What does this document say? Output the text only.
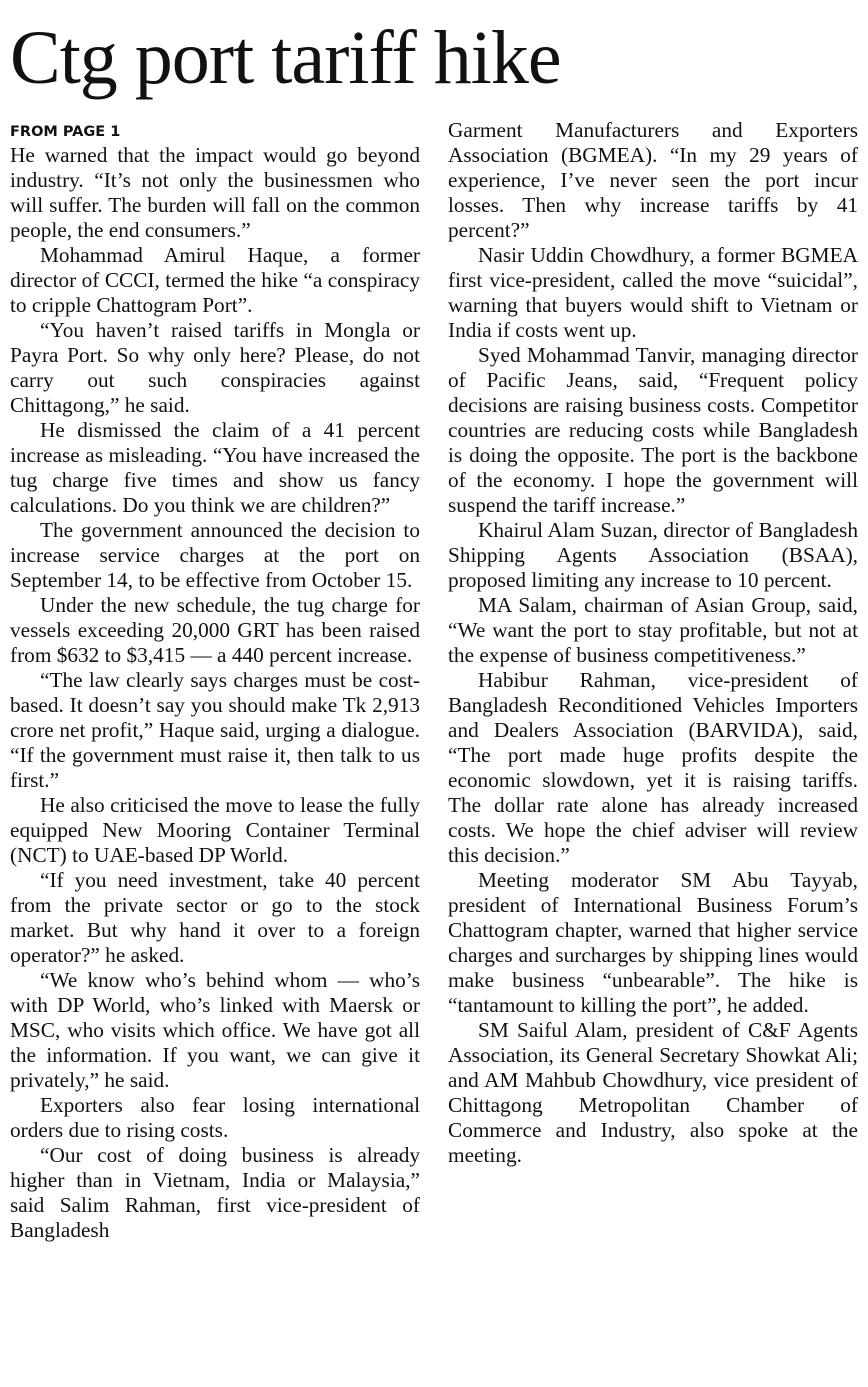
Ctg port tariff hike
FROM PAGE 1

He warned that the impact would go beyond industry. “It’s not only the businessmen who will suffer. The burden will fall on the common people, the end consumers.”

Mohammad Amirul Haque, a former director of CCCI, termed the hike “a conspiracy to cripple Chattogram Port”.

“You haven’t raised tariffs in Mongla or Payra Port. So why only here? Please, do not carry out such conspiracies against Chittagong,” he said.

He dismissed the claim of a 41 percent increase as misleading. “You have increased the tug charge five times and show us fancy calculations. Do you think we are children?”

The government announced the decision to increase service charges at the port on September 14, to be effective from October 15.

Under the new schedule, the tug charge for vessels exceeding 20,000 GRT has been raised from $632 to $3,415 — a 440 percent increase.

“The law clearly says charges must be cost-based. It doesn’t say you should make Tk 2,913 crore net profit,” Haque said, urging a dialogue. “If the government must raise it, then talk to us first.”

He also criticised the move to lease the fully equipped New Mooring Container Terminal (NCT) to UAE-based DP World.

“If you need investment, take 40 percent from the private sector or go to the stock market. But why hand it over to a foreign operator?” he asked.

“We know who’s behind whom — who’s with DP World, who’s linked with Maersk or MSC, who visits which office. We have got all the information. If you want, we can give it privately,” he said.

Exporters also fear losing international orders due to rising costs.

“Our cost of doing business is already higher than in Vietnam, India or Malaysia,” said Salim Rahman, first vice-president of Bangladesh

Garment Manufacturers and Exporters Association (BGMEA). “In my 29 years of experience, I’ve never seen the port incur losses. Then why increase tariffs by 41 percent?”

Nasir Uddin Chowdhury, a former BGMEA first vice-president, called the move “suicidal”, warning that buyers would shift to Vietnam or India if costs went up.

Syed Mohammad Tanvir, managing director of Pacific Jeans, said, “Frequent policy decisions are raising business costs. Competitor countries are reducing costs while Bangladesh is doing the opposite. The port is the backbone of the economy. I hope the government will suspend the tariff increase.”

Khairul Alam Suzan, director of Bangladesh Shipping Agents Association (BSAA), proposed limiting any increase to 10 percent.

MA Salam, chairman of Asian Group, said, “We want the port to stay profitable, but not at the expense of business competitiveness.”

Habibur Rahman, vice-president of Bangladesh Reconditioned Vehicles Importers and Dealers Association (BARVIDA), said, “The port made huge profits despite the economic slowdown, yet it is raising tariffs. The dollar rate alone has already increased costs. We hope the chief adviser will review this decision.”

Meeting moderator SM Abu Tayyab, president of International Business Forum’s Chattogram chapter, warned that higher service charges and surcharges by shipping lines would make business “unbearable”. The hike is “tantamount to killing the port”, he added.

SM Saiful Alam, president of C&F Agents Association, its General Secretary Showkat Ali; and AM Mahbub Chowdhury, vice president of Chittagong Metropolitan Chamber of Commerce and Industry, also spoke at the meeting.
